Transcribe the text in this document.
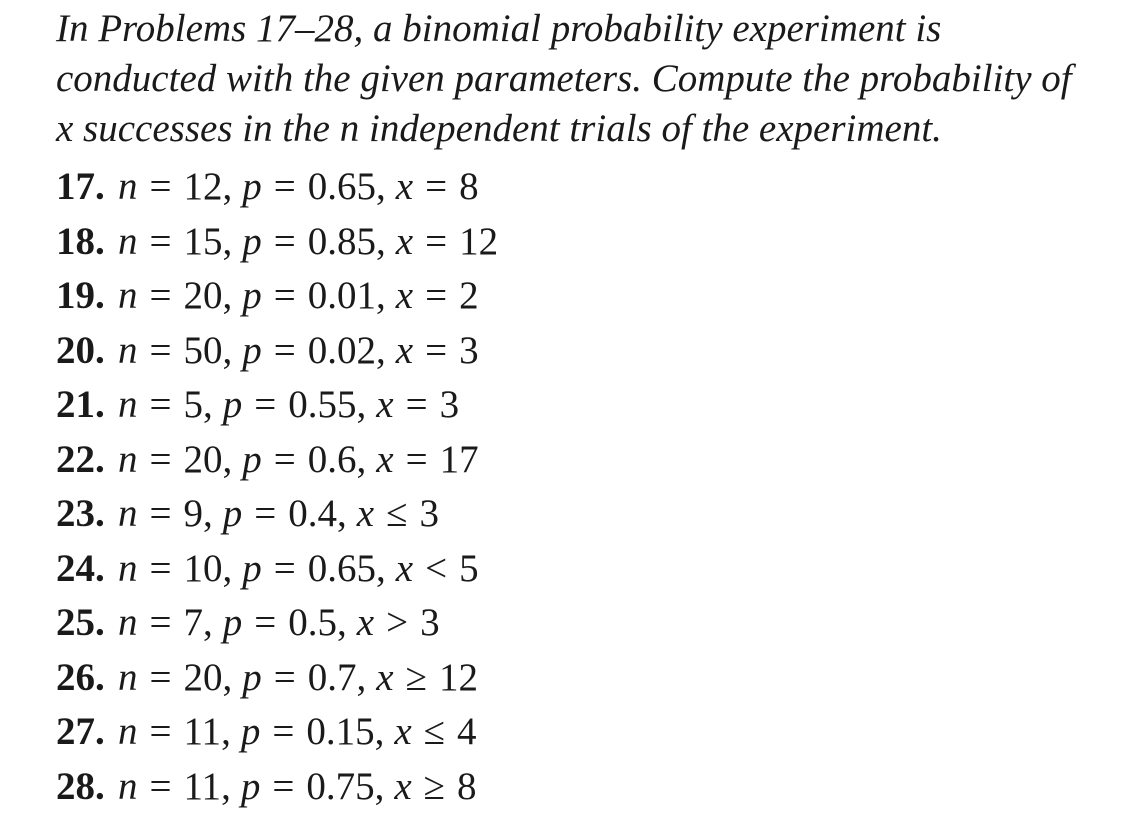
In Problems 17–28, a binomial probability experiment is
conducted with the given parameters. Compute the probability of
x successes in the n independent trials of the experiment.

17. n = 12 , p = 0.65 , x = 8
18. n = 15 , p = 0.85 , x = 12
19. n = 20 , p = 0.01 , x = 2
20. n = 50 , p = 0.02 , x = 3
21. n = 5 , p = 0.55 , x = 3
22. n = 20 , p = 0.6 , x = 17
23. n = 9 , p = 0.4 , x ≤ 3
24. n = 10 , p = 0.65 , x < 5
25. n = 7 , p = 0.5 , x > 3
26. n = 20 , p = 0.7 , x ≥ 12
27. n = 11 , p = 0.15 , x ≤ 4
28. n = 11 , p = 0.75 , x ≥ 8
